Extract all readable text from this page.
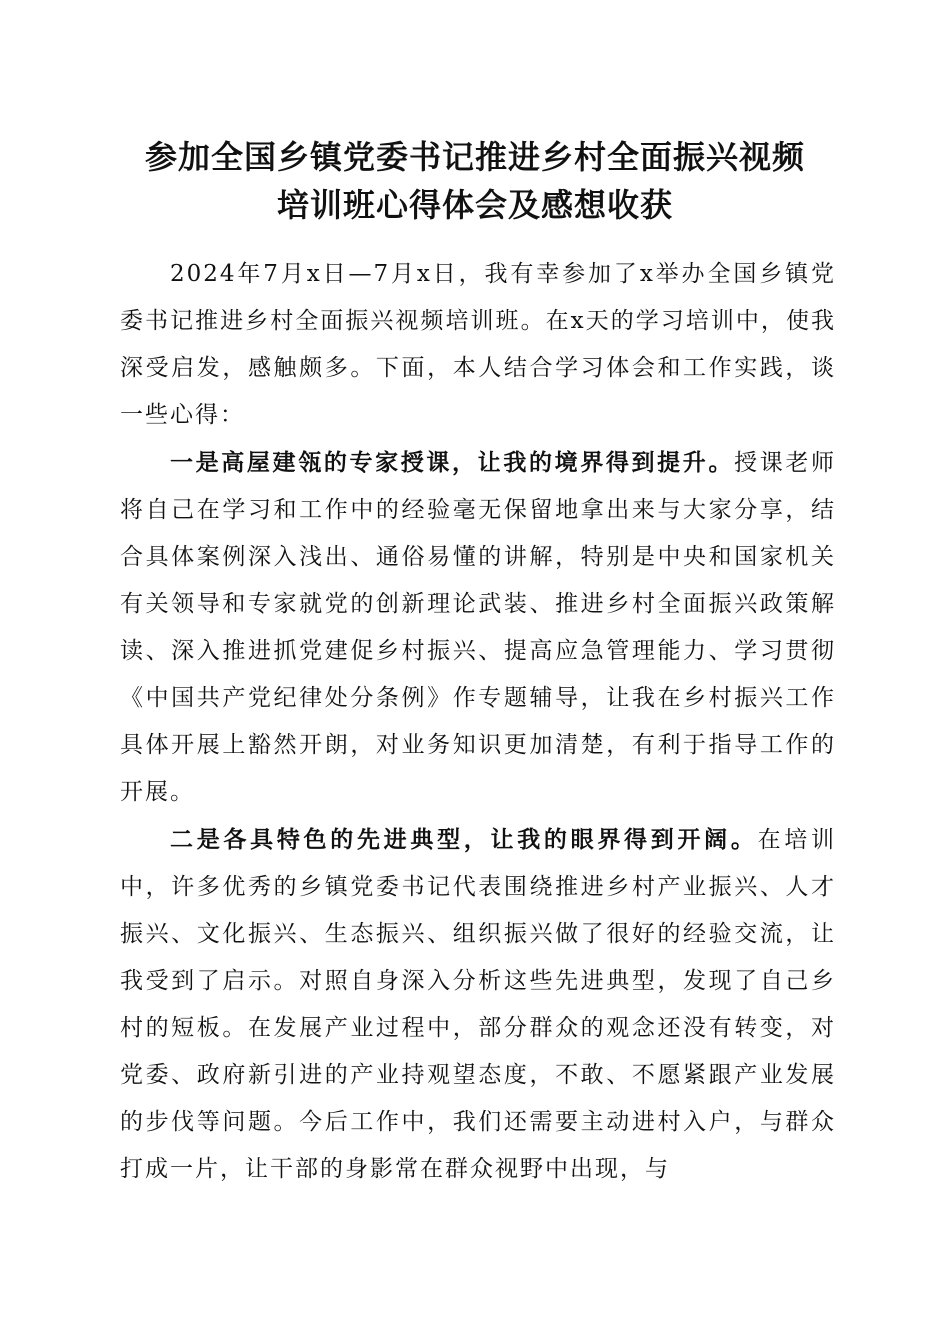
参加全国乡镇党委书记推进乡村全面振兴视频
培训班心得体会及感想收获

2024年7月x日—7月x日，我有幸参加了x举办全国乡镇党委书记推进乡村全面振兴视频培训班。在x天的学习培训中，使我深受启发，感触颇多。下面，本人结合学习体会和工作实践，谈一些心得：

一是高屋建瓴的专家授课，让我的境界得到提升。授课老师将自己在学习和工作中的经验毫无保留地拿出来与大家分享，结合具体案例深入浅出、通俗易懂的讲解，特别是中央和国家机关有关领导和专家就党的创新理论武装、推进乡村全面振兴政策解读、深入推进抓党建促乡村振兴、提高应急管理能力、学习贯彻《中国共产党纪律处分条例》作专题辅导，让我在乡村振兴工作具体开展上豁然开朗，对业务知识更加清楚，有利于指导工作的开展。

二是各具特色的先进典型，让我的眼界得到开阔。在培训中，许多优秀的乡镇党委书记代表围绕推进乡村产业振兴、人才振兴、文化振兴、生态振兴、组织振兴做了很好的经验交流，让我受到了启示。对照自身深入分析这些先进典型，发现了自己乡村的短板。在发展产业过程中，部分群众的观念还没有转变，对党委、政府新引进的产业持观望态度，不敢、不愿紧跟产业发展的步伐等问题。今后工作中，我们还需要主动进村入户，与群众打成一片，让干部的身影常在群众视野中出现，与
